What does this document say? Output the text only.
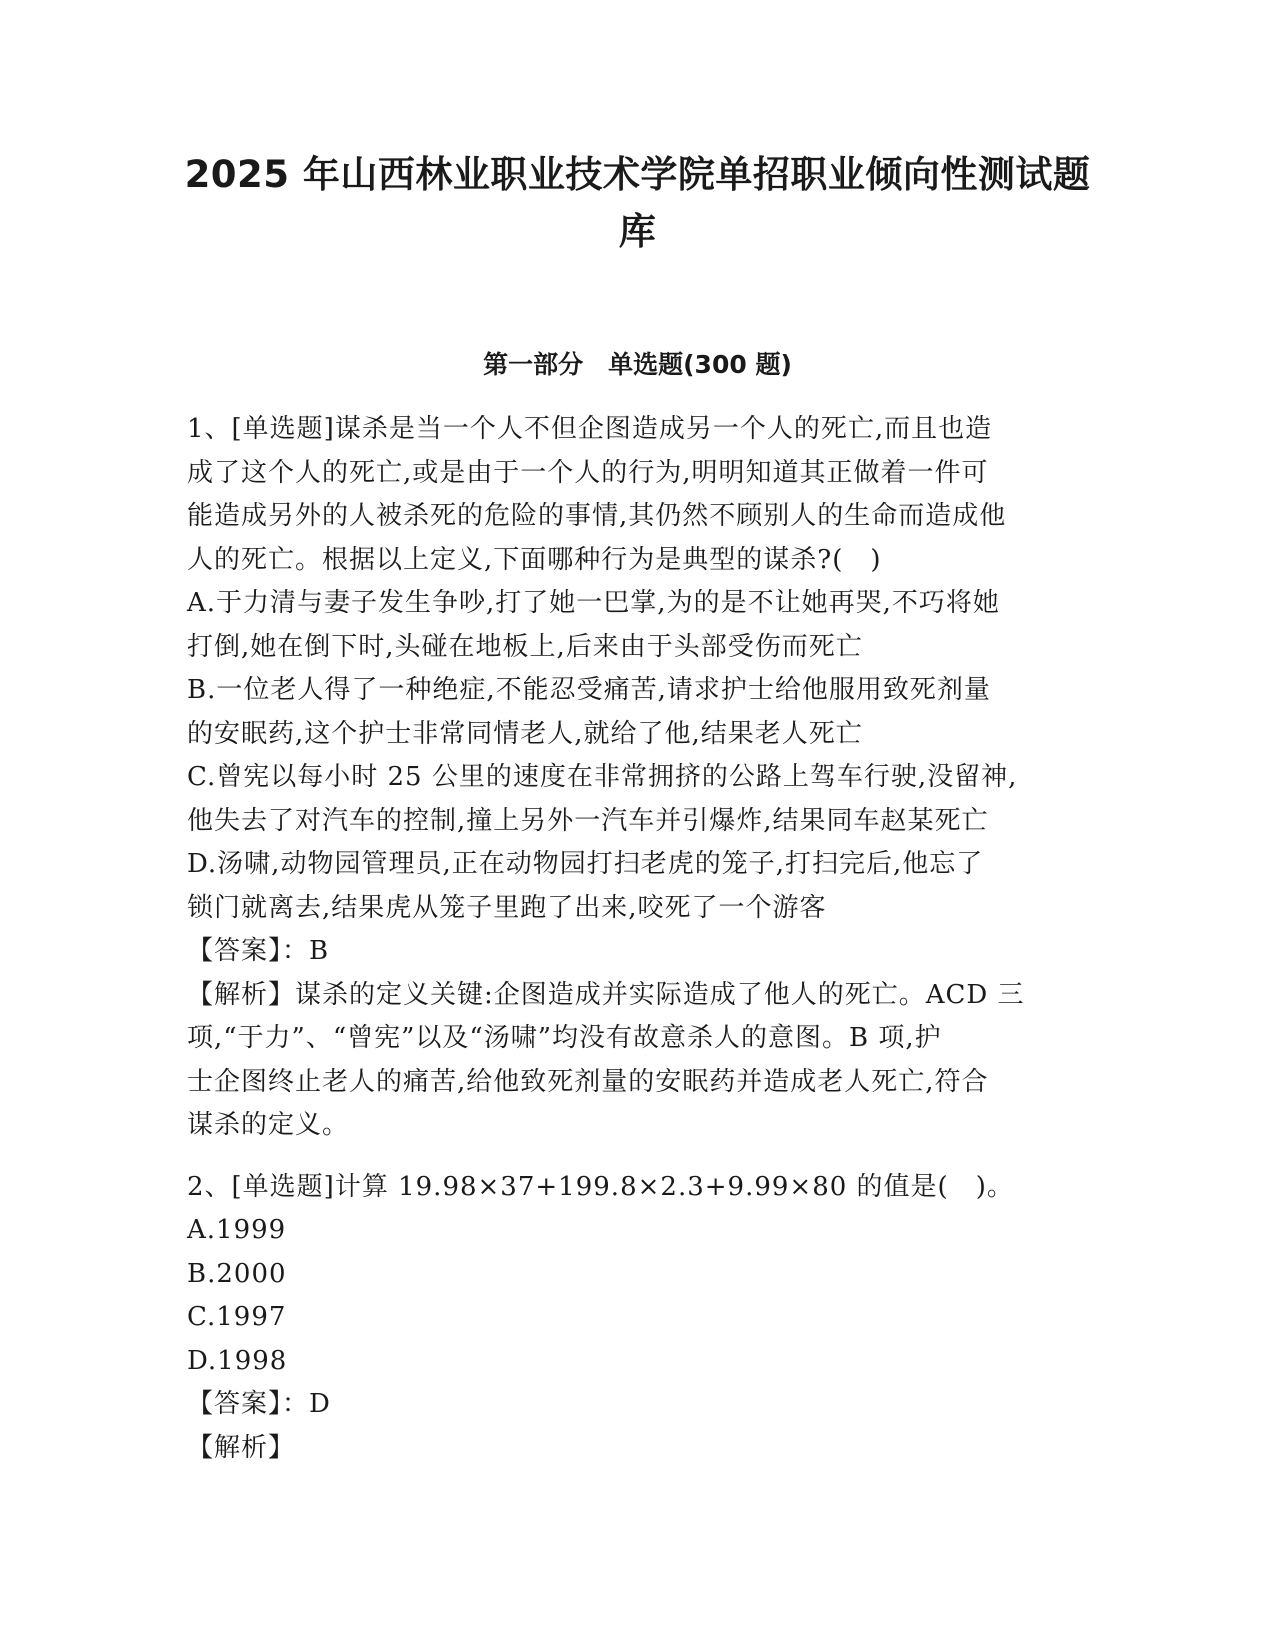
2025 年山西林业职业技术学院单招职业倾向性测试题
库
第一部分　单选题(300 题)

1、[单选题]谋杀是当一个人不但企图造成另一个人的死亡,而且也造
成了这个人的死亡,或是由于一个人的行为,明明知道其正做着一件可
能造成另外的人被杀死的危险的事情,其仍然不顾别人的生命而造成他
人的死亡。根据以上定义,下面哪种行为是典型的谋杀?(　)

A.于力清与妻子发生争吵,打了她一巴掌,为的是不让她再哭,不巧将她
打倒,她在倒下时,头碰在地板上,后来由于头部受伤而死亡
B.一位老人得了一种绝症,不能忍受痛苦,请求护士给他服用致死剂量
的安眠药,这个护士非常同情老人,就给了他,结果老人死亡
C.曾宪以每小时 25 公里的速度在非常拥挤的公路上驾车行驶,没留神,
他失去了对汽车的控制,撞上另外一汽车并引爆炸,结果同车赵某死亡
D.汤啸,动物园管理员,正在动物园打扫老虎的笼子,打扫完后,他忘了
锁门就离去,结果虎从笼子里跑了出来,咬死了一个游客

【答案】：B

【解析】谋杀的定义关键:企图造成并实际造成了他人的死亡。ACD 三
项,“于力”、“曾宪”以及“汤啸”均没有故意杀人的意图。B 项,护
士企图终止老人的痛苦,给他致死剂量的安眠药并造成老人死亡,符合
谋杀的定义。

2、[单选题]计算 19.98×37+199.8×2.3+9.99×80 的值是(　)。

A.1999
B.2000
C.1997
D.1998

【答案】：D

【解析】
